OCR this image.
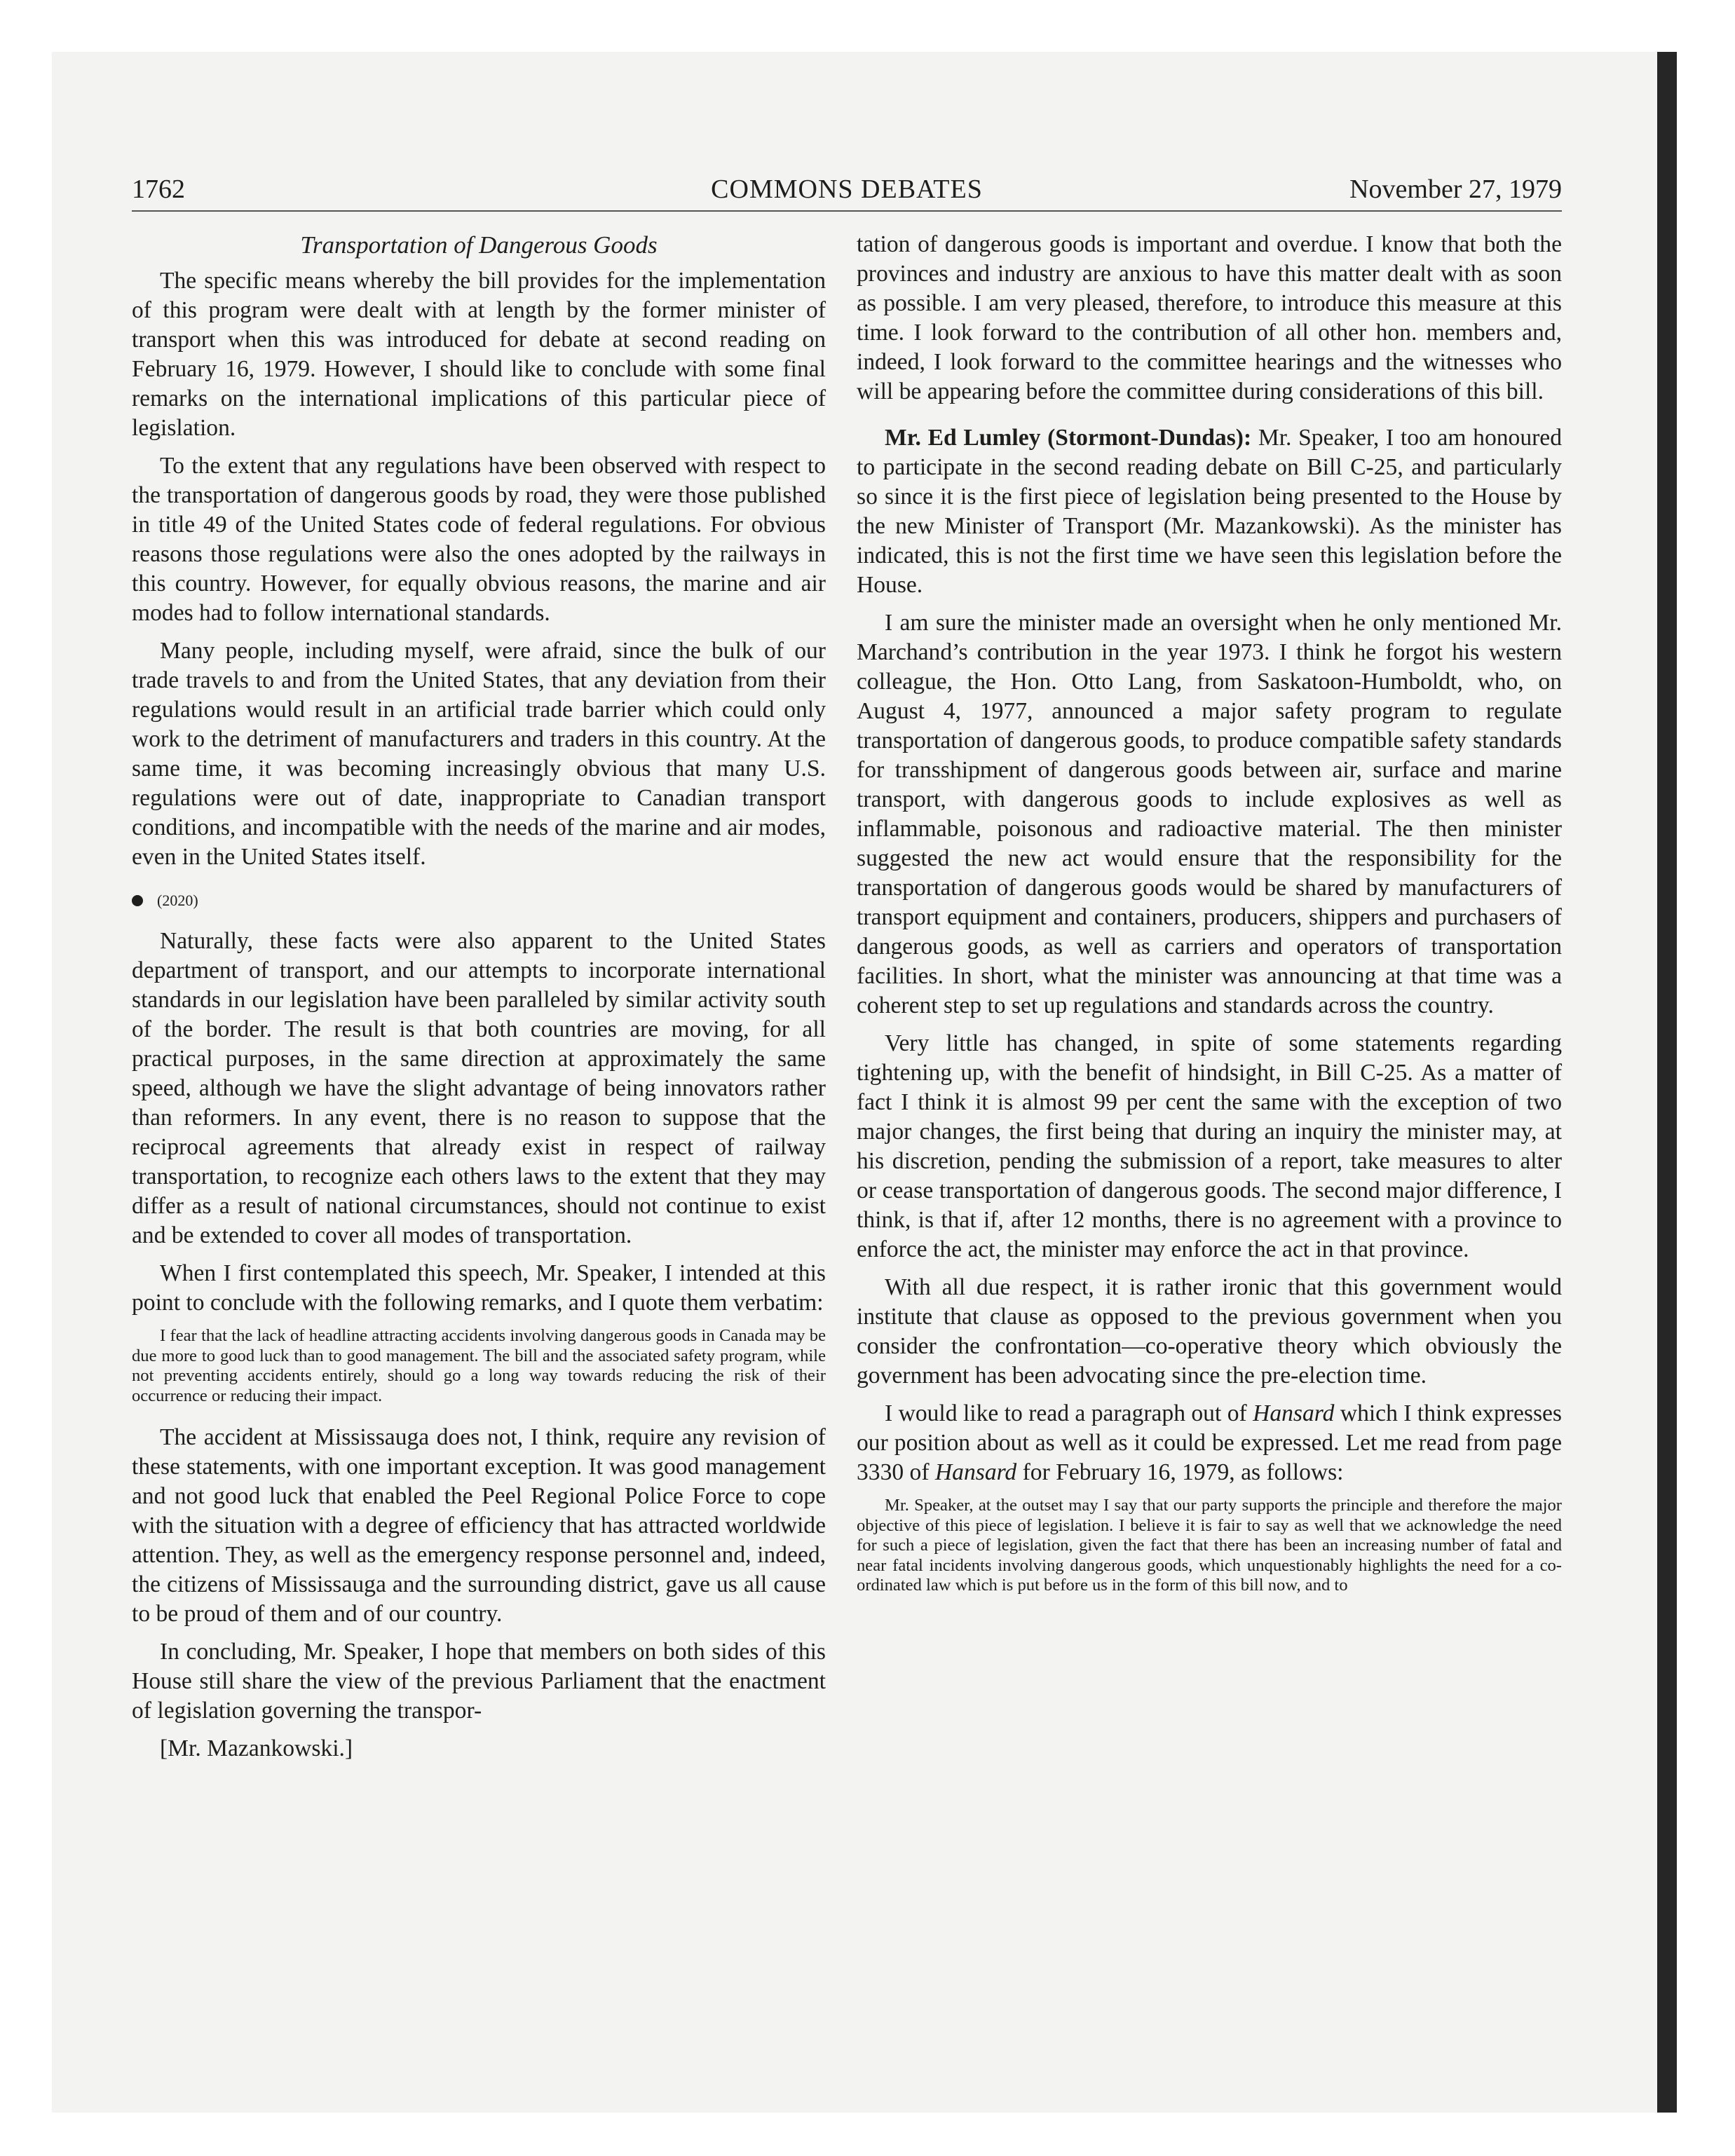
1762	COMMONS DEBATES	November 27, 1979
Transportation of Dangerous Goods

The specific means whereby the bill provides for the implementation of this program were dealt with at length by the former minister of transport when this was introduced for debate at second reading on February 16, 1979. However, I should like to conclude with some final remarks on the international implications of this particular piece of legislation.

To the extent that any regulations have been observed with respect to the transportation of dangerous goods by road, they were those published in title 49 of the United States code of federal regulations. For obvious reasons those regulations were also the ones adopted by the railways in this country. However, for equally obvious reasons, the marine and air modes had to follow international standards.

Many people, including myself, were afraid, since the bulk of our trade travels to and from the United States, that any deviation from their regulations would result in an artificial trade barrier which could only work to the detriment of manufacturers and traders in this country. At the same time, it was becoming increasingly obvious that many U.S. regulations were out of date, inappropriate to Canadian transport conditions, and incompatible with the needs of the marine and air modes, even in the United States itself.

(2020)

Naturally, these facts were also apparent to the United States department of transport, and our attempts to incorporate international standards in our legislation have been paralleled by similar activity south of the border. The result is that both countries are moving, for all practical purposes, in the same direction at approximately the same speed, although we have the slight advantage of being innovators rather than reformers. In any event, there is no reason to suppose that the reciprocal agreements that already exist in respect of railway transportation, to recognize each others laws to the extent that they may differ as a result of national circumstances, should not continue to exist and be extended to cover all modes of transportation.

When I first contemplated this speech, Mr. Speaker, I intended at this point to conclude with the following remarks, and I quote them verbatim:

I fear that the lack of headline attracting accidents involving dangerous goods in Canada may be due more to good luck than to good management. The bill and the associated safety program, while not preventing accidents entirely, should go a long way towards reducing the risk of their occurrence or reducing their impact.

The accident at Mississauga does not, I think, require any revision of these statements, with one important exception. It was good management and not good luck that enabled the Peel Regional Police Force to cope with the situation with a degree of efficiency that has attracted worldwide attention. They, as well as the emergency response personnel and, indeed, the citizens of Mississauga and the surrounding district, gave us all cause to be proud of them and of our country.

In concluding, Mr. Speaker, I hope that members on both sides of this House still share the view of the previous Parliament that the enactment of legislation governing the transpor-

[Mr. Mazankowski.]

tation of dangerous goods is important and overdue. I know that both the provinces and industry are anxious to have this matter dealt with as soon as possible. I am very pleased, therefore, to introduce this measure at this time. I look forward to the contribution of all other hon. members and, indeed, I look forward to the committee hearings and the witnesses who will be appearing before the committee during considerations of this bill.

Mr. Ed Lumley (Stormont-Dundas): Mr. Speaker, I too am honoured to participate in the second reading debate on Bill C-25, and particularly so since it is the first piece of legislation being presented to the House by the new Minister of Transport (Mr. Mazankowski). As the minister has indicated, this is not the first time we have seen this legislation before the House.

I am sure the minister made an oversight when he only mentioned Mr. Marchand’s contribution in the year 1973. I think he forgot his western colleague, the Hon. Otto Lang, from Saskatoon-Humboldt, who, on August 4, 1977, announced a major safety program to regulate transportation of dangerous goods, to produce compatible safety standards for transshipment of dangerous goods between air, surface and marine transport, with dangerous goods to include explosives as well as inflammable, poisonous and radioactive material. The then minister suggested the new act would ensure that the responsibility for the transportation of dangerous goods would be shared by manufacturers of transport equipment and containers, producers, shippers and purchasers of dangerous goods, as well as carriers and operators of transportation facilities. In short, what the minister was announcing at that time was a coherent step to set up regulations and standards across the country.

Very little has changed, in spite of some statements regarding tightening up, with the benefit of hindsight, in Bill C-25. As a matter of fact I think it is almost 99 per cent the same with the exception of two major changes, the first being that during an inquiry the minister may, at his discretion, pending the submission of a report, take measures to alter or cease transportation of dangerous goods. The second major difference, I think, is that if, after 12 months, there is no agreement with a province to enforce the act, the minister may enforce the act in that province.

With all due respect, it is rather ironic that this government would institute that clause as opposed to the previous government when you consider the confrontation—co-operative theory which obviously the government has been advocating since the pre-election time.

I would like to read a paragraph out of Hansard which I think expresses our position about as well as it could be expressed. Let me read from page 3330 of Hansard for February 16, 1979, as follows:

Mr. Speaker, at the outset may I say that our party supports the principle and therefore the major objective of this piece of legislation. I believe it is fair to say as well that we acknowledge the need for such a piece of legislation, given the fact that there has been an increasing number of fatal and near fatal incidents involving dangerous goods, which unquestionably highlights the need for a co-ordinated law which is put before us in the form of this bill now, and to
